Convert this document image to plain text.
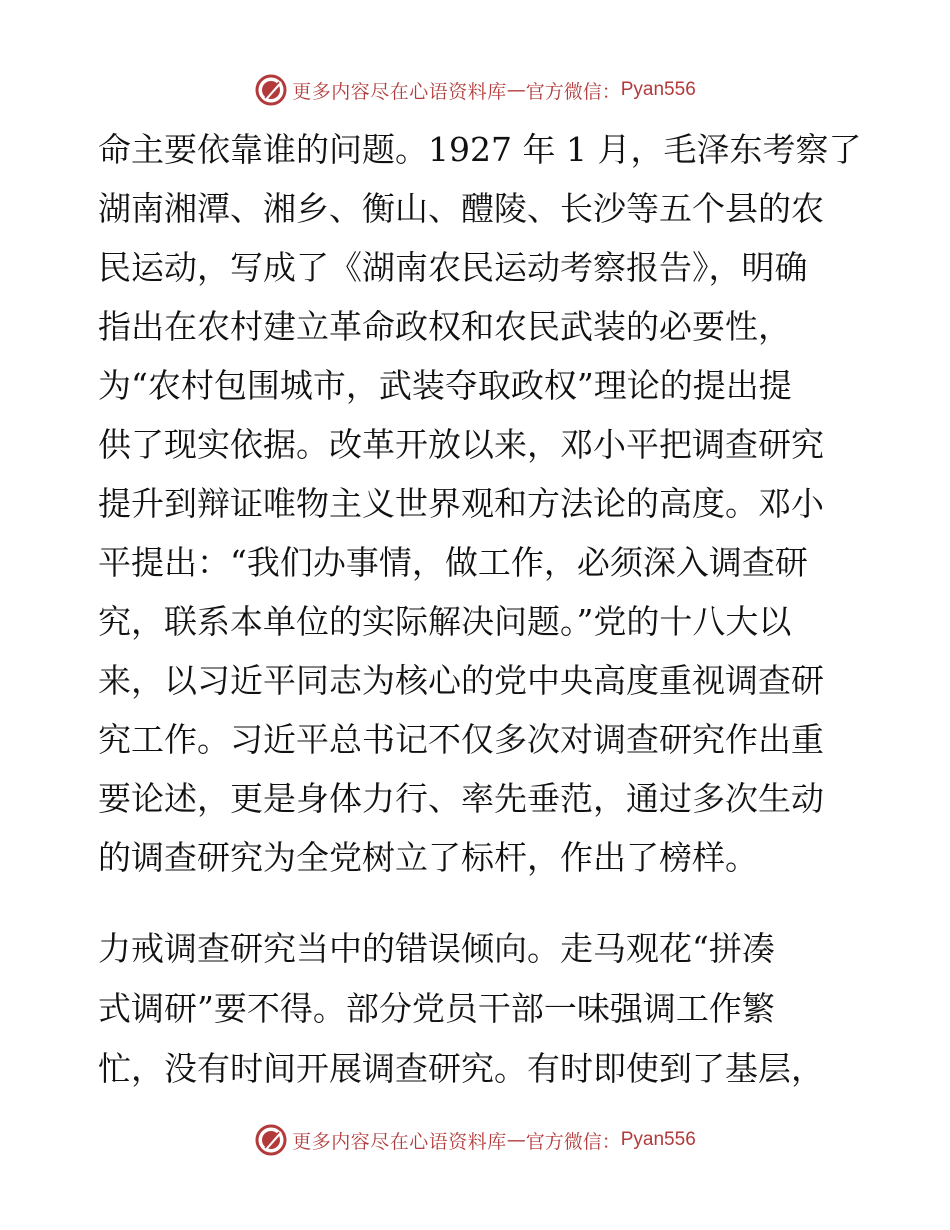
更多内容尽在心语资料库 — 官方微信： Pyan556
命主要依靠谁的问题。1927 年 1 月，毛泽东考察了
湖南湘潭、湘乡、衡山、醴陵、长沙等五个县的农
民运动，写成了《湖南农民运动考察报告》，明确
指出在农村建立革命政权和农民武装的必要性，
为“农村包围城市，武装夺取政权”理论的提出提
供了现实依据。改革开放以来，邓小平把调查研究
提升到辩证唯物主义世界观和方法论的高度。邓小
平提出：“我们办事情，做工作，必须深入调查研
究，联系本单位的实际解决问题。”党的十八大以
来，以习近平同志为核心的党中央高度重视调查研
究工作。习近平总书记不仅多次对调查研究作出重
要论述，更是身体力行、率先垂范，通过多次生动
的调查研究为全党树立了标杆，作出了榜样。
力戒调查研究当中的错误倾向。走马观花“拼凑
式调研”要不得。部分党员干部一味强调工作繁
忙，没有时间开展调查研究。有时即使到了基层，
更多内容尽在心语资料库 — 官方微信： Pyan556
